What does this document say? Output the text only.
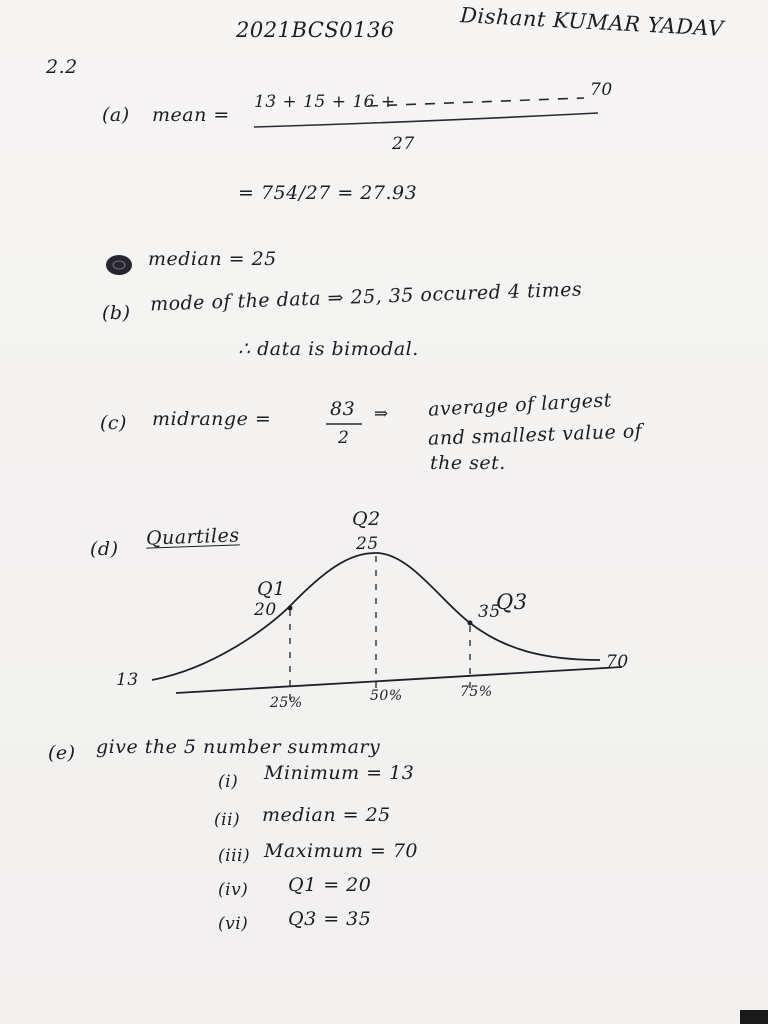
2021BCS0136	Dishant KUMAR YADAV
2.2
(a) mean =
13 + 15 + 16 +
70
27
= 754/27 = 27.93
median = 25
(b) mode of the data ⇒ 25, 35 occured 4 times
∴ data is bimodal.
(c) midrange =	83
2
⇒ average of largest
and smallest value of
the set.
(d) Quartiles
Q2
25
Q1
20	Q3
35
13
70
25%	50%	75%
(e) give the 5 number summary
(i) Minimum = 13
(ii) median = 25
(iii) Maximum = 70
(iv) Q1 = 20
(vi) Q3 = 35
